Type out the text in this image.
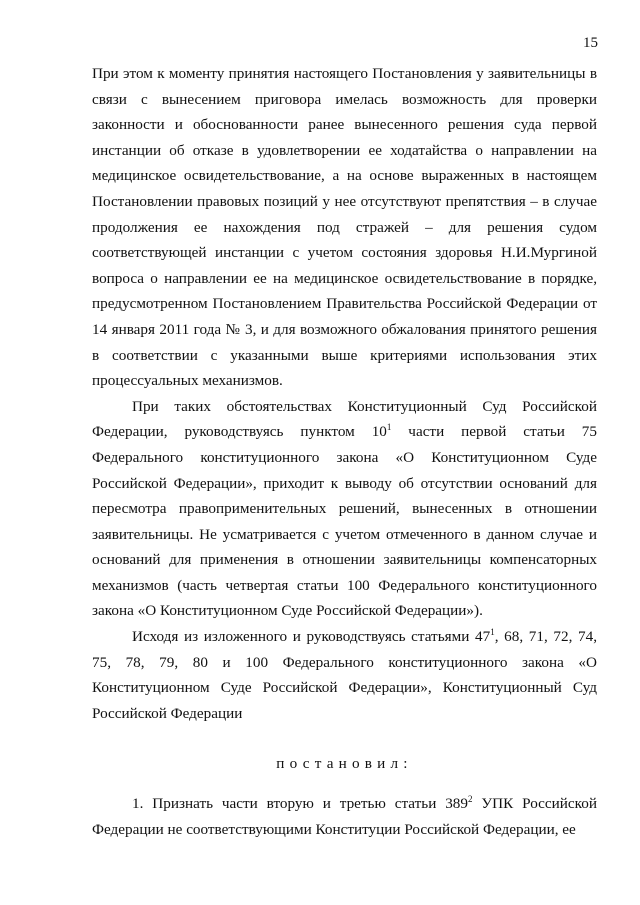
15

При этом к моменту принятия настоящего Постановления у заявительницы в связи с вынесением приговора имелась возможность для проверки законности и обоснованности ранее вынесенного решения суда первой инстанции об отказе в удовлетворении ее ходатайства о направлении на медицинское освидетельствование, а на основе выраженных в настоящем Постановлении правовых позиций у нее отсутствуют препятствия – в случае продолжения ее нахождения под стражей – для решения судом соответствующей инстанции с учетом состояния здоровья Н.И.Мургиной вопроса о направлении ее на медицинское освидетельствование в порядке, предусмотренном Постановлением Правительства Российской Федерации от 14 января 2011 года № 3, и для возможного обжалования принятого решения в соответствии с указанными выше критериями использования этих процессуальных механизмов.

При таких обстоятельствах Конституционный Суд Российской Федерации, руководствуясь пунктом $10^1$ части первой статьи 75 Федерального конституционного закона «О Конституционном Суде Российской Федерации», приходит к выводу об отсутствии оснований для пересмотра правоприменительных решений, вынесенных в отношении заявительницы. Не усматривается с учетом отмеченного в данном случае и оснований для применения в отношении заявительницы компенсаторных механизмов (часть четвертая статьи 100 Федерального конституционного закона «О Конституционном Суде Российской Федерации»).

Исходя из изложенного и руководствуясь статьями $47^1$, 68, 71, 72, 74, 75, 78, 79, 80 и 100 Федерального конституционного закона «О Конституционном Суде Российской Федерации», Конституционный Суд Российской Федерации

постановил:

1. Признать части вторую и третью статьи $389^2$ УПК Российской Федерации не соответствующими Конституции Российской Федерации, ее
